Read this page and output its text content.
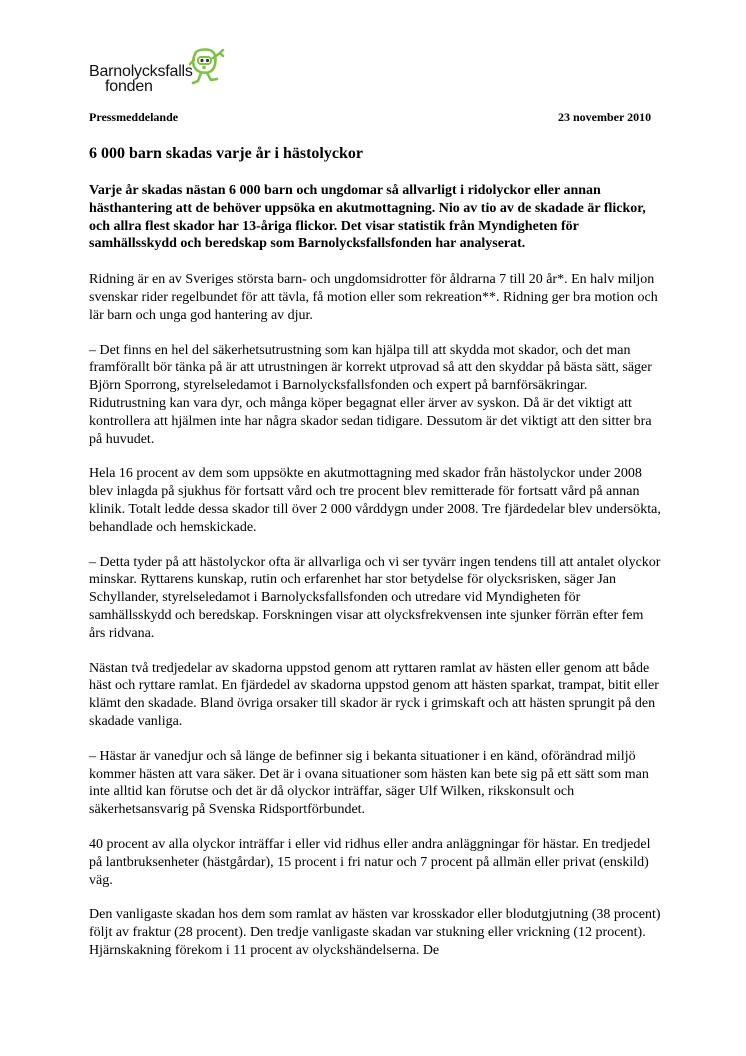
Barnolycksfalls
fonden
Pressmeddelande	23 november 2010
6 000 barn skadas varje år i hästolyckor

Varje år skadas nästan 6 000 barn och ungdomar så allvarligt i ridolyckor eller annan hästhantering att de behöver uppsöka en akutmottagning. Nio av tio av de skadade är flickor, och allra flest skador har 13-åriga flickor. Det visar statistik från Myndigheten för samhällsskydd och beredskap som Barnolycksfallsfonden har analyserat.

Ridning är en av Sveriges största barn- och ungdomsidrotter för åldrarna 7 till 20 år*. En halv miljon svenskar rider regelbundet för att tävla, få motion eller som rekreation**. Ridning ger bra motion och lär barn och unga god hantering av djur.

– Det finns en hel del säkerhetsutrustning som kan hjälpa till att skydda mot skador, och det man framförallt bör tänka på är att utrustningen är korrekt utprovad så att den skyddar på bästa sätt, säger Björn Sporrong, styrelseledamot i Barnolycksfallsfonden och expert på barnförsäkringar. Ridutrustning kan vara dyr, och många köper begagnat eller ärver av syskon. Då är det viktigt att kontrollera att hjälmen inte har några skador sedan tidigare. Dessutom är det viktigt att den sitter bra på huvudet.

Hela 16 procent av dem som uppsökte en akutmottagning med skador från hästolyckor under 2008 blev inlagda på sjukhus för fortsatt vård och tre procent blev remitterade för fortsatt vård på annan klinik. Totalt ledde dessa skador till över 2 000 vårddygn under 2008. Tre fjärdedelar blev undersökta, behandlade och hemskickade.

– Detta tyder på att hästolyckor ofta är allvarliga och vi ser tyvärr ingen tendens till att antalet olyckor minskar. Ryttarens kunskap, rutin och erfarenhet har stor betydelse för olycksrisken, säger Jan Schyllander, styrelseledamot i Barnolycksfallsfonden och utredare vid Myndigheten för samhällsskydd och beredskap. Forskningen visar att olycksfrekvensen inte sjunker förrän efter fem års ridvana.

Nästan två tredjedelar av skadorna uppstod genom att ryttaren ramlat av hästen eller genom att både häst och ryttare ramlat. En fjärdedel av skadorna uppstod genom att hästen sparkat, trampat, bitit eller klämt den skadade. Bland övriga orsaker till skador är ryck i grimskaft och att hästen sprungit på den skadade vanliga.

– Hästar är vanedjur och så länge de befinner sig i bekanta situationer i en känd, oförändrad miljö kommer hästen att vara säker. Det är i ovana situationer som hästen kan bete sig på ett sätt som man inte alltid kan förutse och det är då olyckor inträffar, säger Ulf Wilken, rikskonsult och säkerhetsansvarig på Svenska Ridsportförbundet.

40 procent av alla olyckor inträffar i eller vid ridhus eller andra anläggningar för hästar. En tredjedel på lantbruksenheter (hästgårdar), 15 procent i fri natur och 7 procent på allmän eller privat (enskild) väg.

Den vanligaste skadan hos dem som ramlat av hästen var krosskador eller blodutgjutning (38 procent) följt av fraktur (28 procent). Den tredje vanligaste skadan var stukning eller vrickning (12 procent). Hjärnskakning förekom i 11 procent av olyckshändelserna. De
